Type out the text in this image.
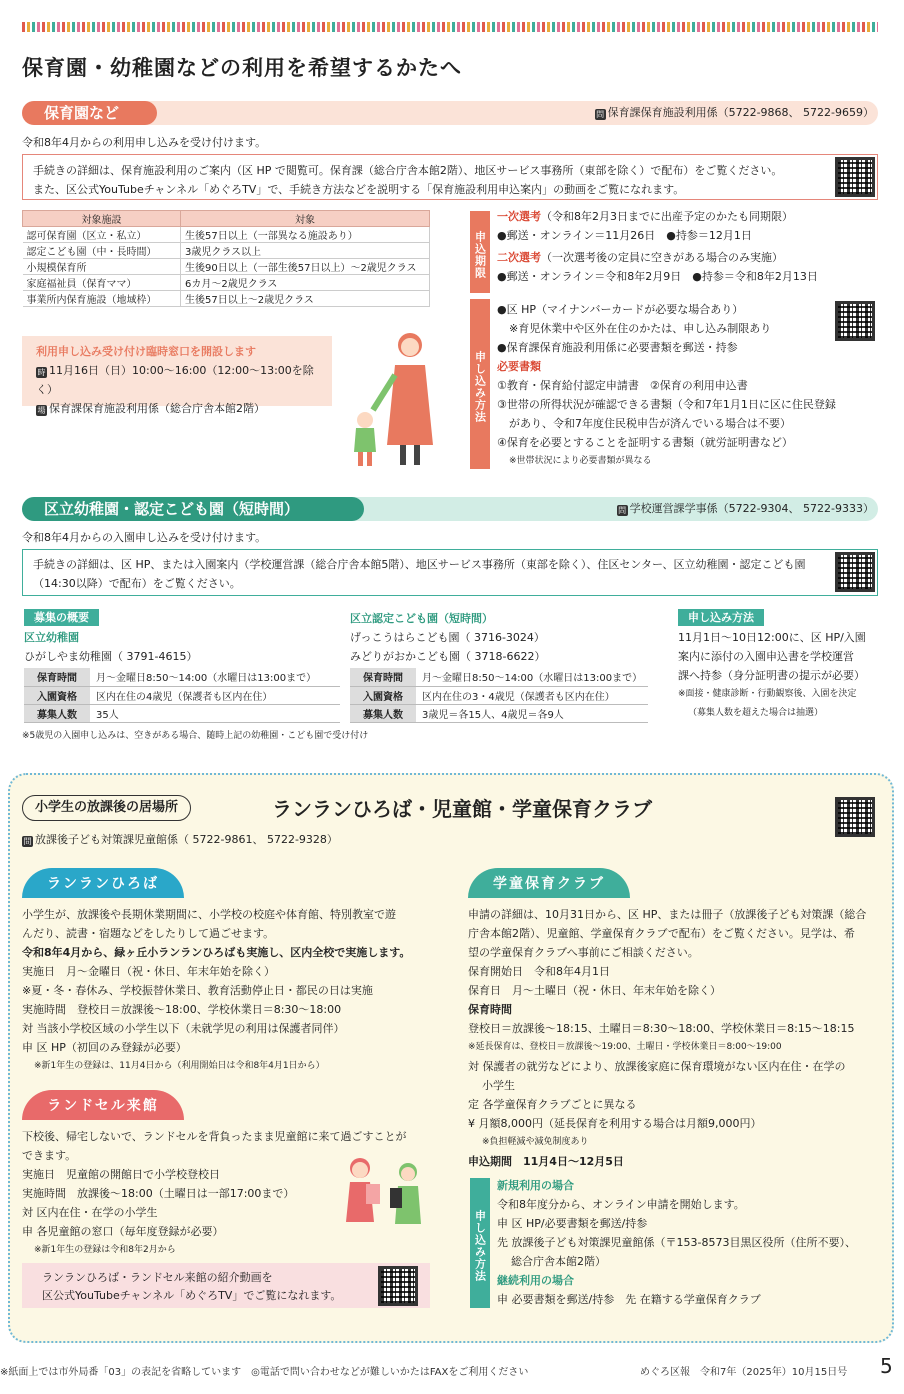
保育園・幼稚園などの利用を希望するかたへ
保育園など	問 保育課保育施設利用係（5722-9868、 5722-9659）
令和8年4月からの利用申し込みを受け付けます。
手続きの詳細は、保育施設利用のご案内（区 HP で閲覧可。保育課（総合庁舎本館2階）、地区サービス事務所（東部を除く）で配布）をご覧ください。
また、区公式YouTubeチャンネル「めぐろTV」で、手続き方法などを説明する「保育施設利用申込案内」の動画をご覧になれます。
対象施設	対象
認可保育園（区立・私立）	生後57日以上（一部異なる施設あり）
認定こども園（中・長時間）	3歳児クラス以上
小規模保育所	生後90日以上（一部生後57日以上）～2歳児クラス
家庭福祉員（保育ママ）	6カ月～2歳児クラス
事業所内保育施設（地域枠）	生後57日以上～2歳児クラス
利用申し込み受け付け臨時窓口を開設します
時 11月16日（日）10:00～16:00（12:00～13:00を除く）
場 保育課保育施設利用係（総合庁舎本館2階）
申込期限
一次選考（令和8年2月3日までに出産予定のかたも同期限）
●郵送・オンライン＝11月26日　●持参＝12月1日
二次選考（一次選考後の定員に空きがある場合のみ実施）
●郵送・オンライン＝令和8年2月9日　●持参＝令和8年2月13日
申し込み方法
●区 HP（マイナンバーカードが必要な場合あり）
※育児休業中や区外在住のかたは、申し込み制限あり
●保育課保育施設利用係に必要書類を郵送・持参
必要書類
①教育・保育給付認定申請書　②保育の利用申込書
③世帯の所得状況が確認できる書類（令和7年1月1日に区に住民登録
があり、令和7年度住民税申告が済んでいる場合は不要）
④保育を必要とすることを証明する書類（就労証明書など）
※世帯状況により必要書類が異なる
区立幼稚園・認定こども園（短時間）	問 学校運営課学事係（5722-9304、 5722-9333）
令和8年4月からの入園申し込みを受け付けます。
手続きの詳細は、区 HP、または入園案内（学校運営課（総合庁舎本館5階）、地区サービス事務所（東部を除く）、住区センター、区立幼稚園・認定こども園
（14:30以降）で配布）をご覧ください。
募集の概要
区立幼稚園
ひがしやま幼稚園（ 3791-4615）
保育時間	月～金曜日8:50～14:00（水曜日は13:00まで）
入園資格	区内在住の4歳児（保護者も区内在住）
募集人数	35人
区立認定こども園（短時間）
げっこうはらこども園（ 3716-3024）
みどりがおかこども園（ 3718-6622）
保育時間	月～金曜日8:50～14:00（水曜日は13:00まで）
入園資格	区内在住の3・4歳児（保護者も区内在住）
募集人数	3歳児＝各15人、4歳児＝各9人
申し込み方法
11月1日～10日12:00に、区 HP/入園
案内に添付の入園申込書を学校運営
課へ持参（身分証明書の提示が必要）
※面接・健康診断・行動観察後、入園を決定
（募集人数を超えた場合は抽選）
※5歳児の入園申し込みは、空きがある場合、随時上記の幼稚園・こども園で受け付け
小学生の放課後の居場所	ランランひろば・児童館・学童保育クラブ
問 放課後子ども対策課児童館係（ 5722-9861、 5722-9328）
ランランひろば
小学生が、放課後や長期休業期間に、小学校の校庭や体育館、特別教室で遊
んだり、読書・宿題などをしたりして過ごせます。
令和8年4月から、緑ヶ丘小ランランひろばも実施し、区内全校で実施します。
実施日　月～金曜日（祝・休日、年末年始を除く）
※夏・冬・春休み、学校振替休業日、教育活動停止日・都民の日は実施
実施時間　登校日＝放課後～18:00、学校休業日＝8:30～18:00
対 当該小学校区域の小学生以下（未就学児の利用は保護者同伴）
申 区 HP（初回のみ登録が必要）
※新1年生の登録は、11月4日から（利用開始日は令和8年4月1日から）
ランドセル来館
下校後、帰宅しないで、ランドセルを背負ったまま児童館に来て過ごすことが
できます。
実施日　児童館の開館日で小学校登校日
実施時間　放課後～18:00（土曜日は一部17:00まで）
対 区内在住・在学の小学生
申 各児童館の窓口（毎年度登録が必要）
※新1年生の登録は令和8年2月から
ランランひろば・ランドセル来館の紹介動画を
区公式YouTubeチャンネル「めぐろTV」でご覧になれます。
学童保育クラブ
申請の詳細は、10月31日から、区 HP、または冊子（放課後子ども対策課（総合
庁舎本館2階）、児童館、学童保育クラブで配布）をご覧ください。見学は、希
望の学童保育クラブへ事前にご相談ください。
保育開始日　令和8年4月1日
保育日　月～土曜日（祝・休日、年末年始を除く）
保育時間
登校日＝放課後～18:15、土曜日＝8:30～18:00、学校休業日＝8:15～18:15
※延長保育は、登校日＝放課後～19:00、土曜日・学校休業日＝8:00～19:00
対 保護者の就労などにより、放課後家庭に保育環境がない区内在住・在学の
小学生
定 各学童保育クラブごとに異なる
¥ 月額8,000円（延長保育を利用する場合は月額9,000円）
※負担軽減や減免制度あり
申込期間　11月4日～12月5日
申し込み方法
新規利用の場合
令和8年度分から、オンライン申請を開始します。
申 区 HP/必要書類を郵送/持参
先 放課後子ども対策課児童館係（〒153-8573目黒区役所（住所不要）、
総合庁舎本館2階）
継続利用の場合
申 必要書類を郵送/持参　先 在籍する学童保育クラブ
※紙面上では市外局番「03」の表記を省略しています　◎電話で問い合わせなどが難しいかたはFAXをご利用ください	めぐろ区報　令和7年（2025年）10月15日号 5
